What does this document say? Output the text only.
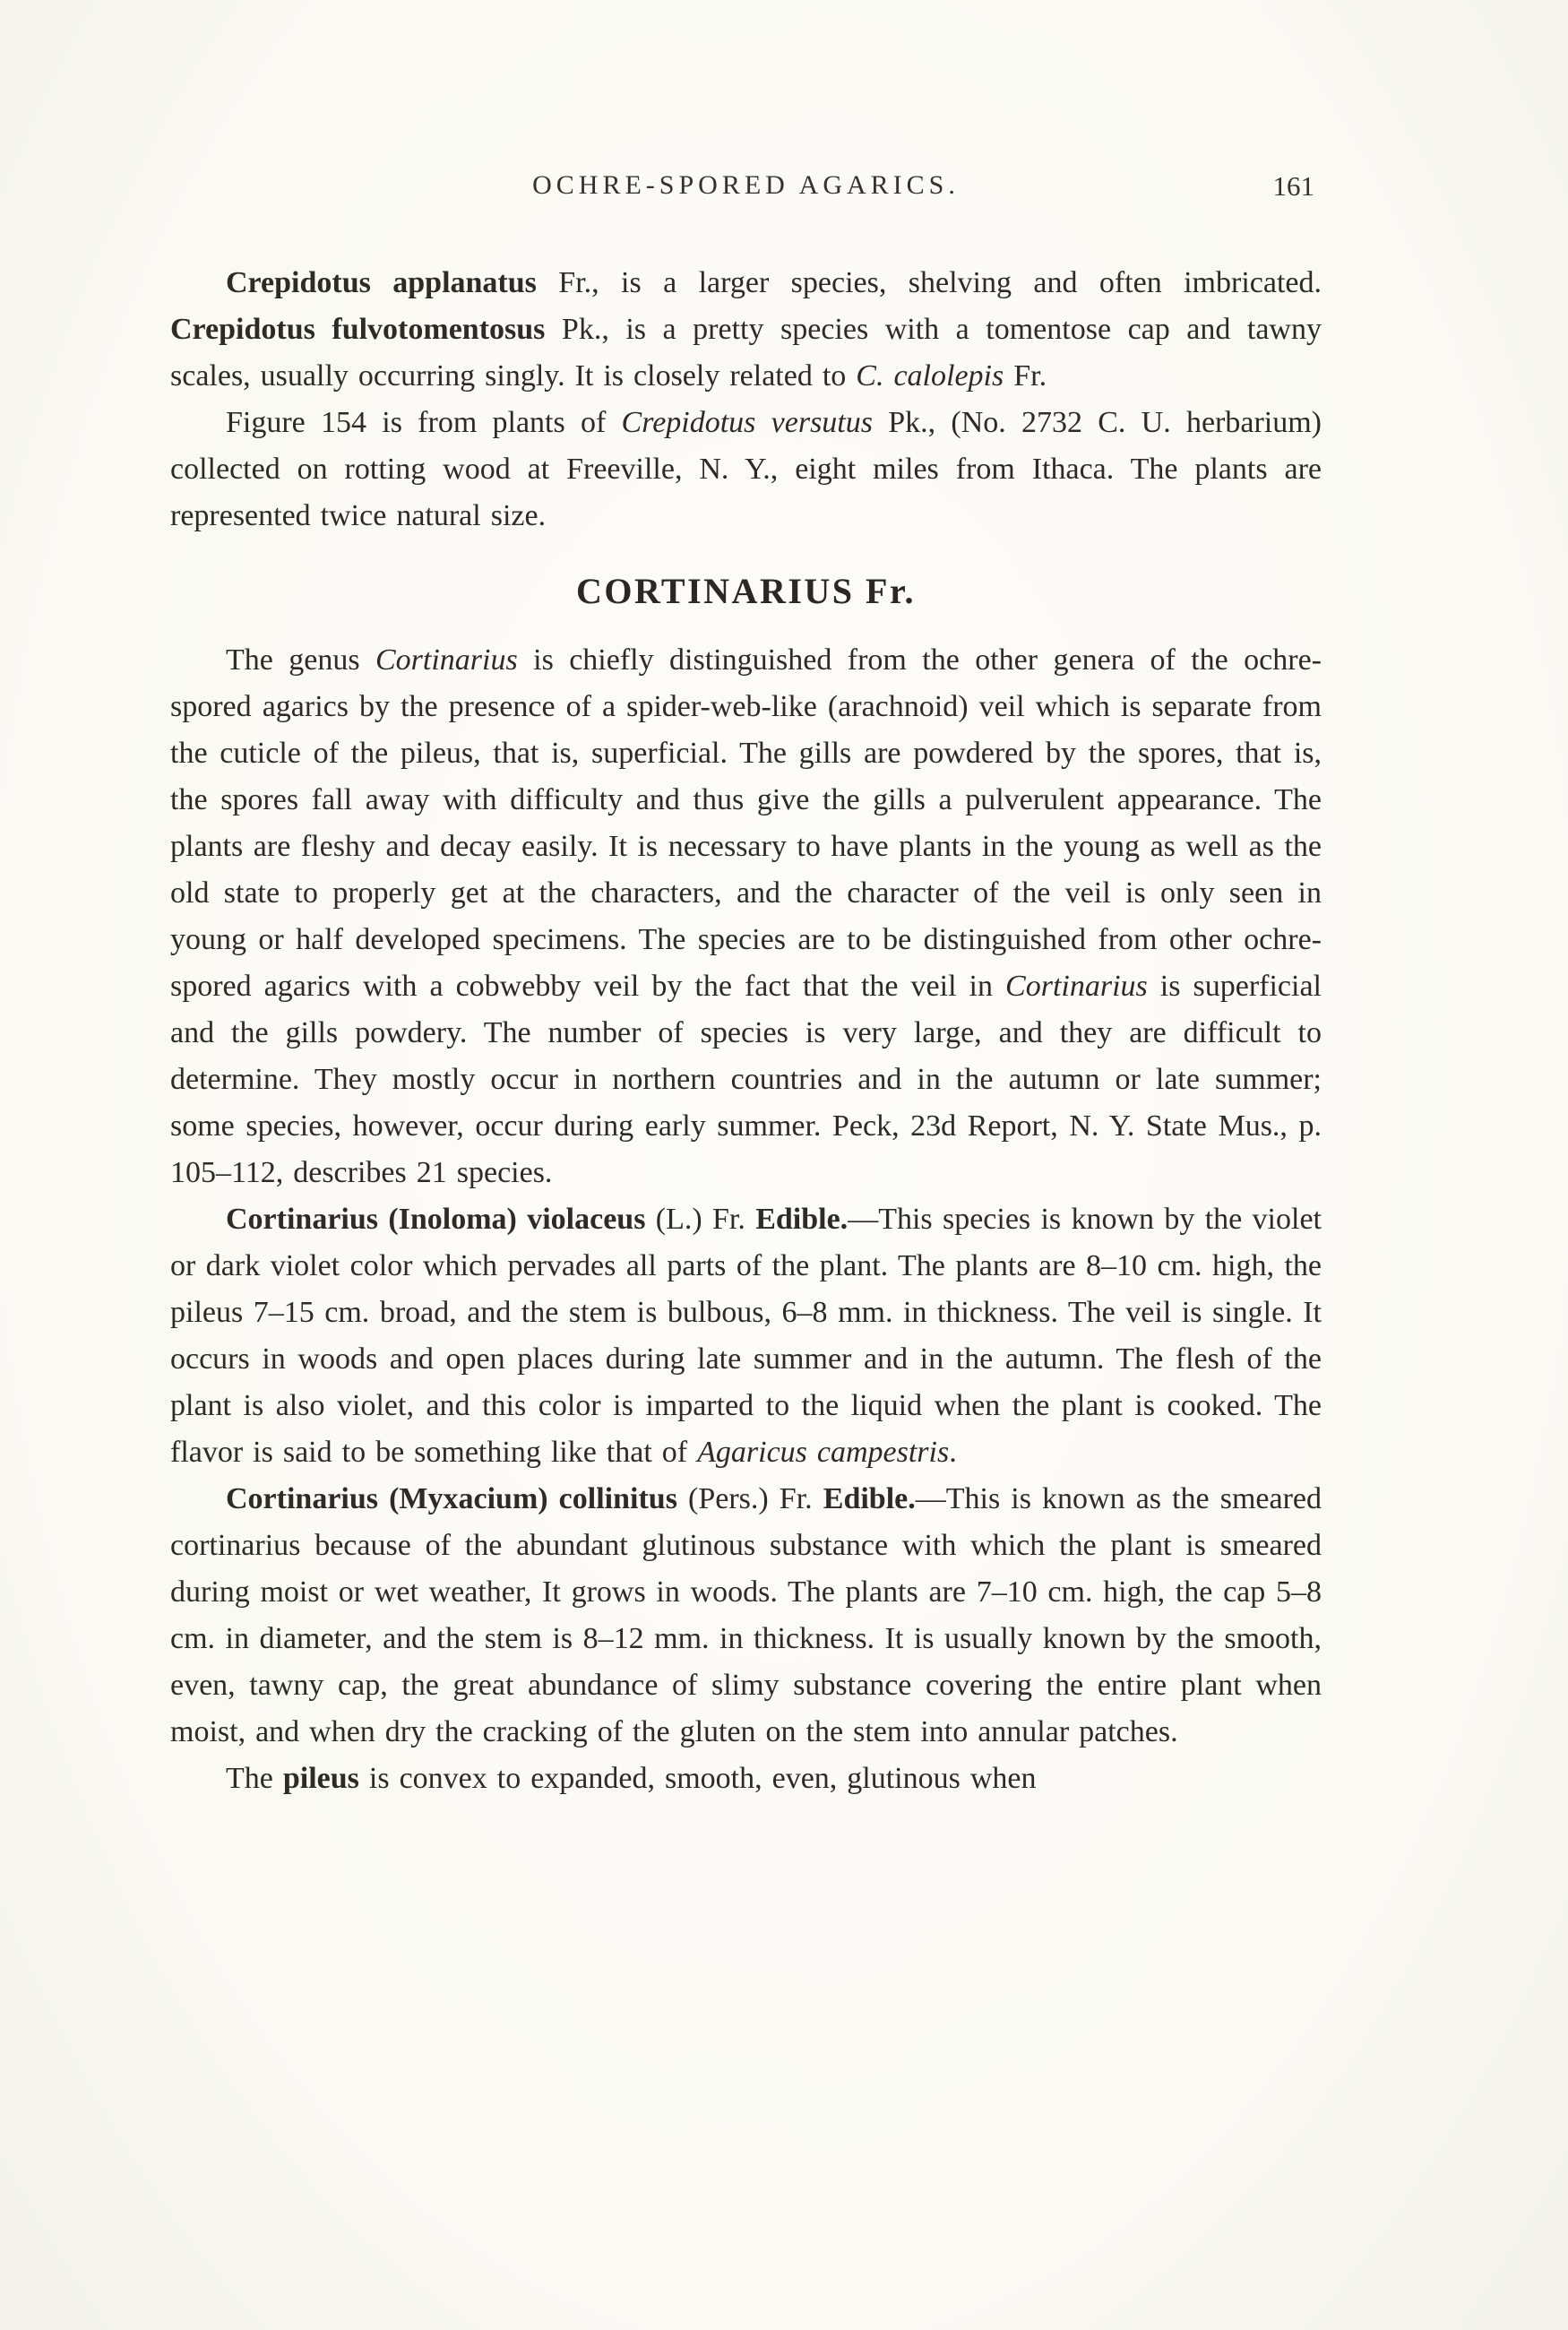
OCHRE-SPORED AGARICS.	161

Crepidotus applanatus Fr., is a larger species, shelving and often imbricated. Crepidotus fulvotomentosus Pk., is a pretty species with a tomentose cap and tawny scales, usually occurring singly. It is closely related to C. calolepis Fr.

Figure 154 is from plants of Crepidotus versutus Pk., (No. 2732 C. U. herbarium) collected on rotting wood at Freeville, N. Y., eight miles from Ithaca. The plants are represented twice natural size.

CORTINARIUS Fr.

The genus Cortinarius is chiefly distinguished from the other genera of the ochre-spored agarics by the presence of a spider-web-like (arachnoid) veil which is separate from the cuticle of the pileus, that is, superficial. The gills are powdered by the spores, that is, the spores fall away with difficulty and thus give the gills a pulverulent appearance. The plants are fleshy and decay easily. It is necessary to have plants in the young as well as the old state to properly get at the characters, and the character of the veil is only seen in young or half developed specimens. The species are to be distinguished from other ochre-spored agarics with a cobwebby veil by the fact that the veil in Cortinarius is superficial and the gills powdery. The number of species is very large, and they are difficult to determine. They mostly occur in northern countries and in the autumn or late summer; some species, however, occur during early summer. Peck, 23d Report, N. Y. State Mus., p. 105–112, describes 21 species.

Cortinarius (Inoloma) violaceus (L.) Fr. Edible.—This species is known by the violet or dark violet color which pervades all parts of the plant. The plants are 8–10 cm. high, the pileus 7–15 cm. broad, and the stem is bulbous, 6–8 mm. in thickness. The veil is single. It occurs in woods and open places during late summer and in the autumn. The flesh of the plant is also violet, and this color is imparted to the liquid when the plant is cooked. The flavor is said to be something like that of Agaricus campestris.

Cortinarius (Myxacium) collinitus (Pers.) Fr. Edible.—This is known as the smeared cortinarius because of the abundant glutinous substance with which the plant is smeared during moist or wet weather, It grows in woods. The plants are 7–10 cm. high, the cap 5–8 cm. in diameter, and the stem is 8–12 mm. in thickness. It is usually known by the smooth, even, tawny cap, the great abundance of slimy substance covering the entire plant when moist, and when dry the cracking of the gluten on the stem into annular patches.

The pileus is convex to expanded, smooth, even, glutinous when
